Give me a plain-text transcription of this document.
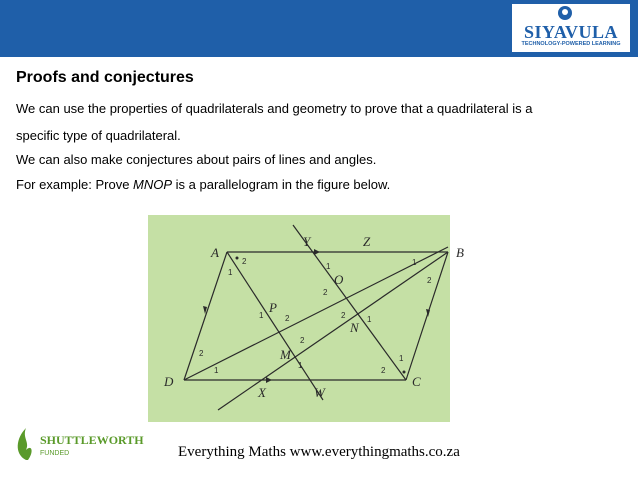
SIYAVULA
TECHNOLOGY-POWERED LEARNING
Proofs and conjectures
We can use the properties of quadrilaterals and geometry to prove that a quadrilateral is a
specific type of quadrilateral.
We can also make conjectures about pairs of lines and angles.
For example: Prove MNOP is a parallelogram in the figure below.
A	B
C
D
X
Y	Z
W
M
N
O
P
2
1
1
2
1
2
1	2	2	1
2
1
2
1
1
2
SHUTTLEWORTH
FUNDED	Everything Maths www.everythingmaths.co.za
